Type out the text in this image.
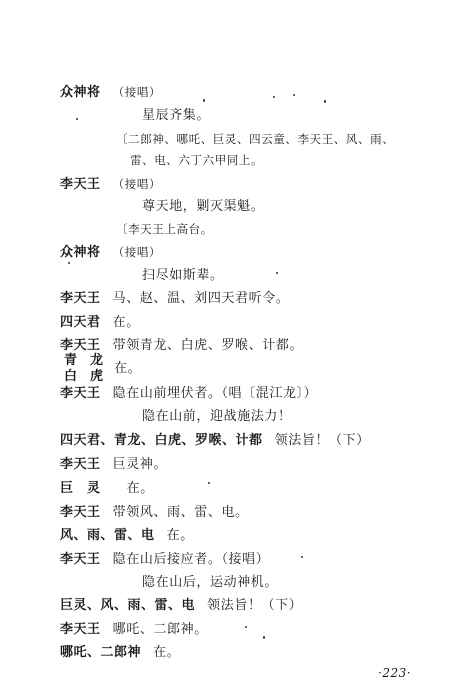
众神将 （接唱）
星辰齐集。
〔二郎神、哪吒、巨灵、四云童、李天王、风、雨、
雷、电、六丁六甲同上。
李天王 （接唱）
尊天地，剿灭渠魁。
〔李天王上高台。
众神将 （接唱）
扫尽如斯辈。
李天王 马、赵、温、刘四天君听令。
四天君 在。
李天王 带领青龙、白虎、罗喉、计都。
青　龙
白　虎
在。
李天王 隐在山前埋伏者。（唱〔混江龙〕）
隐在山前，迎战施法力！
四天君、青龙、白虎、罗喉、计都 领法旨！（下）
李天王 巨灵神。
巨　灵 在。
李天王 带领风、雨、雷、电。
风、雨、雷、电 在。
李天王 隐在山后接应者。（接唱）
隐在山后，运动神机。
巨灵、风、雨、雷、电 领法旨！（下）
李天王 哪吒、二郎神。
哪吒、二郎神 在。
·223·
